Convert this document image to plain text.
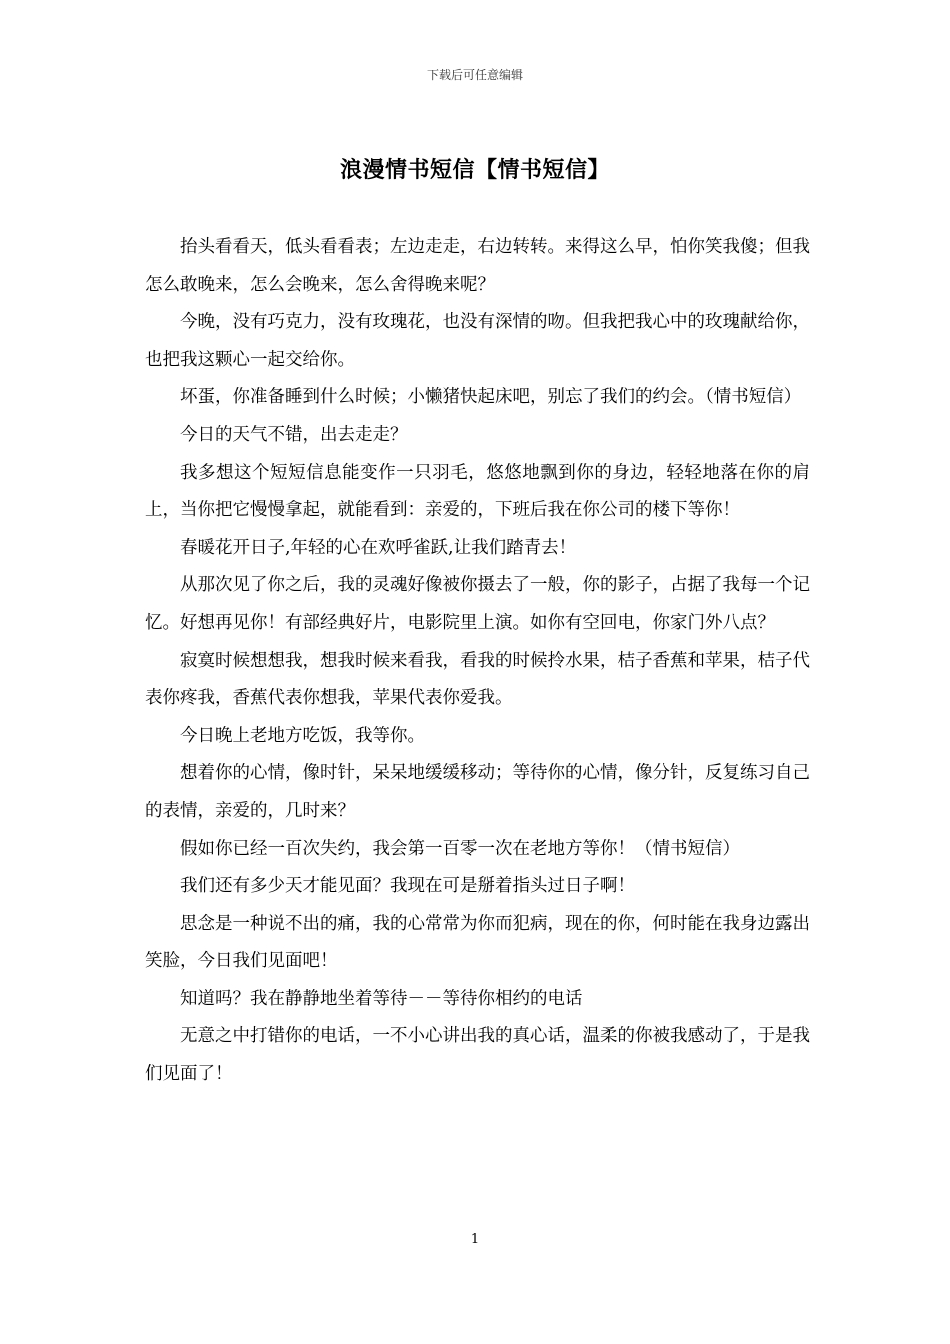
下载后可任意编辑
浪漫情书短信【情书短信】

抬头看看天，低头看看表；左边走走，右边转转。来得这么早，怕你笑我傻；但我怎么敢晚来，怎么会晚来，怎么舍得晚来呢？

今晚，没有巧克力，没有玫瑰花，也没有深情的吻。但我把我心中的玫瑰献给你，也把我这颗心一起交给你。

坏蛋，你准备睡到什么时候；小懒猪快起床吧，别忘了我们的约会。（情书短信）

今日的天气不错，出去走走？

我多想这个短短信息能变作一只羽毛，悠悠地飘到你的身边，轻轻地落在你的肩上，当你把它慢慢拿起，就能看到：亲爱的，下班后我在你公司的楼下等你！

春暖花开日子,年轻的心在欢呼雀跃,让我们踏青去！

从那次见了你之后，我的灵魂好像被你摄去了一般，你的影子，占据了我每一个记忆。好想再见你！有部经典好片，电影院里上演。如你有空回电，你家门外八点？

寂寞时候想想我，想我时候来看我，看我的时候拎水果，桔子香蕉和苹果，桔子代表你疼我，香蕉代表你想我，苹果代表你爱我。

今日晚上老地方吃饭，我等你。

想着你的心情，像时针，呆呆地缓缓移动；等待你的心情，像分针，反复练习自己的表情，亲爱的，几时来？

假如你已经一百次失约，我会第一百零一次在老地方等你！（情书短信）

我们还有多少天才能见面？我现在可是掰着指头过日子啊！

思念是一种说不出的痛，我的心常常为你而犯病，现在的你，何时能在我身边露出笑脸，今日我们见面吧！

知道吗？我在静静地坐着等待－－等待你相约的电话

无意之中打错你的电话，一不小心讲出我的真心话，温柔的你被我感动了，于是我们见面了！

1
